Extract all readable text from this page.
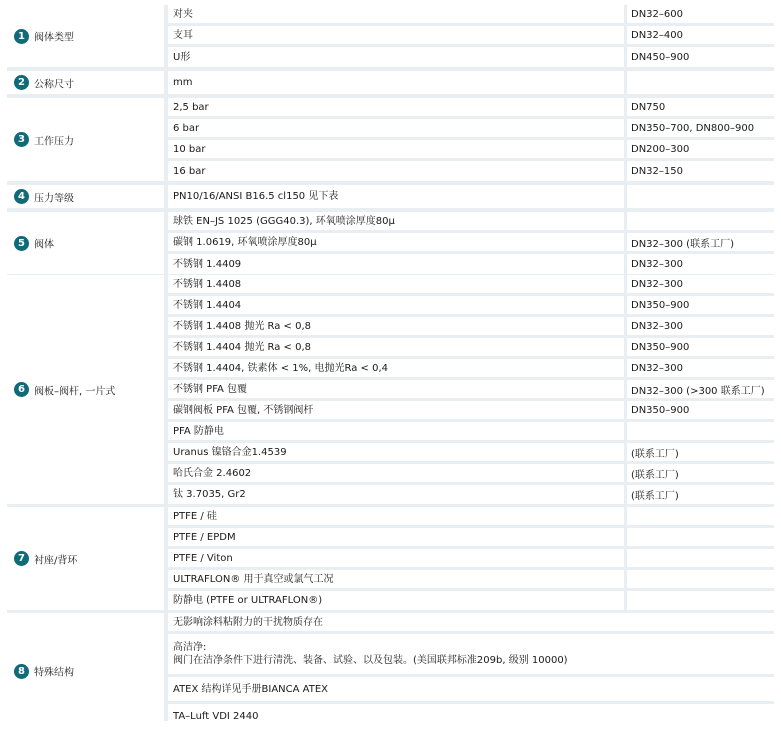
1 阀体类型
对夹	DN32–600
支耳	DN32–400
U形	DN450–900
2 公称尺寸	mm
3 工作压力
2,5 bar	DN750
6 bar	DN350–700, DN800–900
10 bar	DN200–300
16 bar	DN32–150
4 压力等级	PN10/16/ANSI B16.5 cl150 见下表
5 阀体
球铁 EN–JS 1025 (GGG40.3), 环氧喷涂厚度80µ
碳钢 1.0619, 环氧喷涂厚度80µ	DN32–300 (联系工厂)
不锈钢 1.4409	DN32–300
6 阀板–阀杆, 一片式
不锈钢 1.4408	DN32–300
不锈钢 1.4404	DN350–900
不锈钢 1.4408 抛光 Ra < 0,8	DN32–300
不锈钢 1.4404 抛光 Ra < 0,8	DN350–900
不锈钢 1.4404, 铁素体 < 1%, 电抛光Ra < 0,4	DN32–300
不锈钢 PFA 包覆	DN32–300 (>300 联系工厂)
碳钢阀板 PFA 包覆, 不锈钢阀杆	DN350–900
PFA 防静电
Uranus 镍铬合金1.4539	(联系工厂)
哈氏合金 2.4602	(联系工厂)
钛 3.7035, Gr2	(联系工厂)
7 衬座/背环
PTFE / 硅
PTFE / EPDM
PTFE / Viton
ULTRAFLON® 用于真空或氯气工况
防静电 (PTFE or ULTRAFLON®)
8 特殊结构
无影响涂料粘附力的干扰物质存在
高洁净:
阀门在洁净条件下进行清洗、装备、试验、以及包装。(美国联邦标准209b, 级别 10000)
ATEX 结构详见手册BIANCA ATEX
TA–Luft VDI 2440
